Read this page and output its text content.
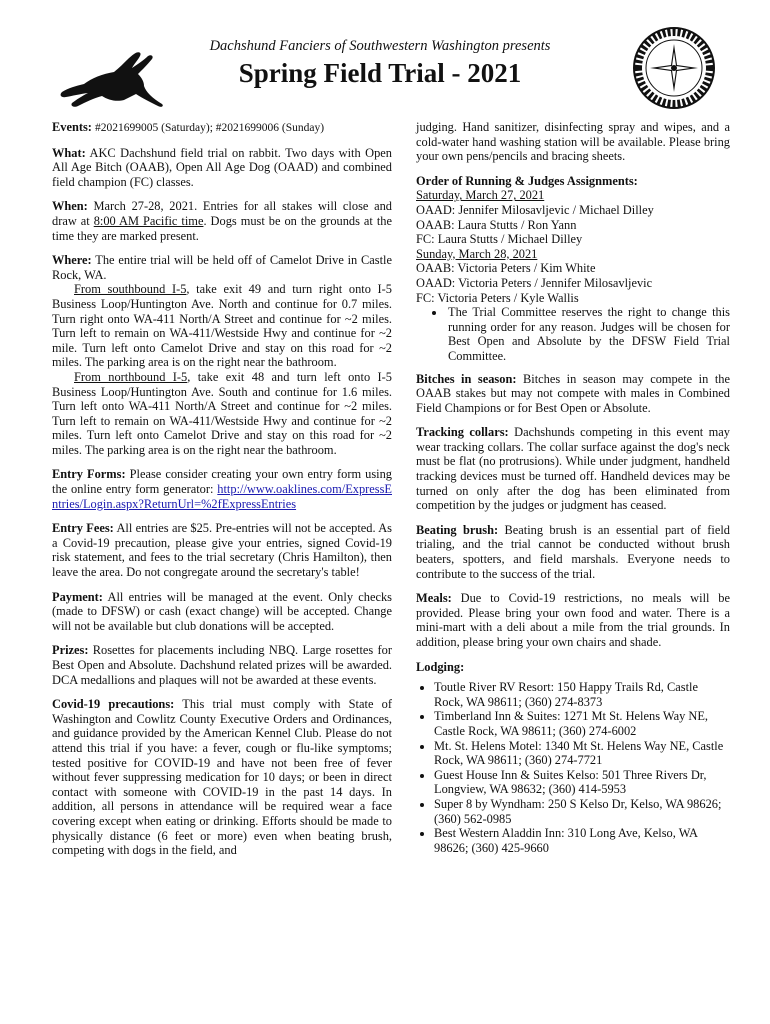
Dachshund Fanciers of Southwestern Washington presents
Spring Field Trial - 2021

Events: #2021699005 (Saturday); #2021699006 (Sunday)

What: AKC Dachshund field trial on rabbit. Two days with Open All Age Bitch (OAAB), Open All Age Dog (OAAD) and combined field champion (FC) classes.

When: March 27-28, 2021. Entries for all stakes will close and draw at 8:00 AM Pacific time. Dogs must be on the grounds at the time they are marked present.

Where: The entire trial will be held off of Camelot Drive in Castle Rock, WA.

From southbound I-5, take exit 49 and turn right onto I-5 Business Loop/Huntington Ave. North and continue for 0.7 miles. Turn right onto WA-411 North/A Street and continue for ~2 miles. Turn left to remain on WA-411/Westside Hwy and continue for ~2 mile. Turn left onto Camelot Drive and stay on this road for ~2 miles. The parking area is on the right near the bathroom.

From northbound I-5, take exit 48 and turn left onto I-5 Business Loop/Huntington Ave. South and continue for 1.6 miles. Turn left onto WA-411 North/A Street and continue for ~2 miles. Turn left to remain on WA-411/Westside Hwy and continue for ~2 miles. Turn left onto Camelot Drive and stay on this road for ~2 miles. The parking area is on the right near the bathroom.

Entry Forms: Please consider creating your own entry form using the online entry form generator: http://www.oaklines.com/ExpressEntries/Login.aspx?ReturnUrl=%2fExpressEntries

Entry Fees: All entries are $25. Pre-entries will not be accepted. As a Covid-19 precaution, please give your entries, signed Covid-19 risk statement, and fees to the trial secretary (Chris Hamilton), then leave the area. Do not congregate around the secretary's table!

Payment: All entries will be managed at the event. Only checks (made to DFSW) or cash (exact change) will be accepted. Change will not be available but club donations will be accepted.

Prizes: Rosettes for placements including NBQ. Large rosettes for Best Open and Absolute. Dachshund related prizes will be awarded. DCA medallions and plaques will not be awarded at these events.

Covid-19 precautions: This trial must comply with State of Washington and Cowlitz County Executive Orders and Ordinances, and guidance provided by the American Kennel Club. Please do not attend this trial if you have: a fever, cough or flu-like symptoms; tested positive for COVID-19 and have not been free of fever without fever suppressing medication for 10 days; or been in direct contact with someone with COVID-19 in the past 14 days. In addition, all persons in attendance will be required wear a face covering except when eating or drinking. Efforts should be made to physically distance (6 feet or more) even when beating brush, competing with dogs in the field, and

judging. Hand sanitizer, disinfecting spray and wipes, and a cold-water hand washing station will be available. Please bring your own pens/pencils and bracing sheets.

Order of Running & Judges Assignments:

Saturday, March 27, 2021
OAAD: Jennifer Milosavljevic / Michael Dilley
OAAB: Laura Stutts / Ron Yann
FC: Laura Stutts / Michael Dilley
Sunday, March 28, 2021
OAAB: Victoria Peters / Kim White
OAAD: Victoria Peters / Jennifer Milosavljevic
FC: Victoria Peters / Kyle Wallis
• The Trial Committee reserves the right to change this running order for any reason. Judges will be chosen for Best Open and Absolute by the DFSW Field Trial Committee.

Bitches in season: Bitches in season may compete in the OAAB stakes but may not compete with males in Combined Field Champions or for Best Open or Absolute.

Tracking collars: Dachshunds competing in this event may wear tracking collars. The collar surface against the dog's neck must be flat (no protrusions). While under judgment, handheld tracking devices must be turned off. Handheld devices may be turned on only after the dog has been eliminated from competition by the judges or judgment has ceased.

Beating brush: Beating brush is an essential part of field trialing, and the trial cannot be conducted without brush beaters, spotters, and field marshals. Everyone needs to contribute to the success of the trial.

Meals: Due to Covid-19 restrictions, no meals will be provided. Please bring your own food and water. There is a mini-mart with a deli about a mile from the trial grounds. In addition, please bring your own chairs and shade.

Lodging:

• Toutle River RV Resort: 150 Happy Trails Rd, Castle Rock, WA 98611; (360) 274-8373
• Timberland Inn & Suites: 1271 Mt St. Helens Way NE, Castle Rock, WA 98611; (360) 274-6002
• Mt. St. Helens Motel: 1340 Mt St. Helens Way NE, Castle Rock, WA 98611; (360) 274-7721
• Guest House Inn & Suites Kelso: 501 Three Rivers Dr, Longview, WA 98632; (360) 414-5953
• Super 8 by Wyndham: 250 S Kelso Dr, Kelso, WA 98626; (360) 562-0985
• Best Western Aladdin Inn: 310 Long Ave, Kelso, WA 98626; (360) 425-9660
